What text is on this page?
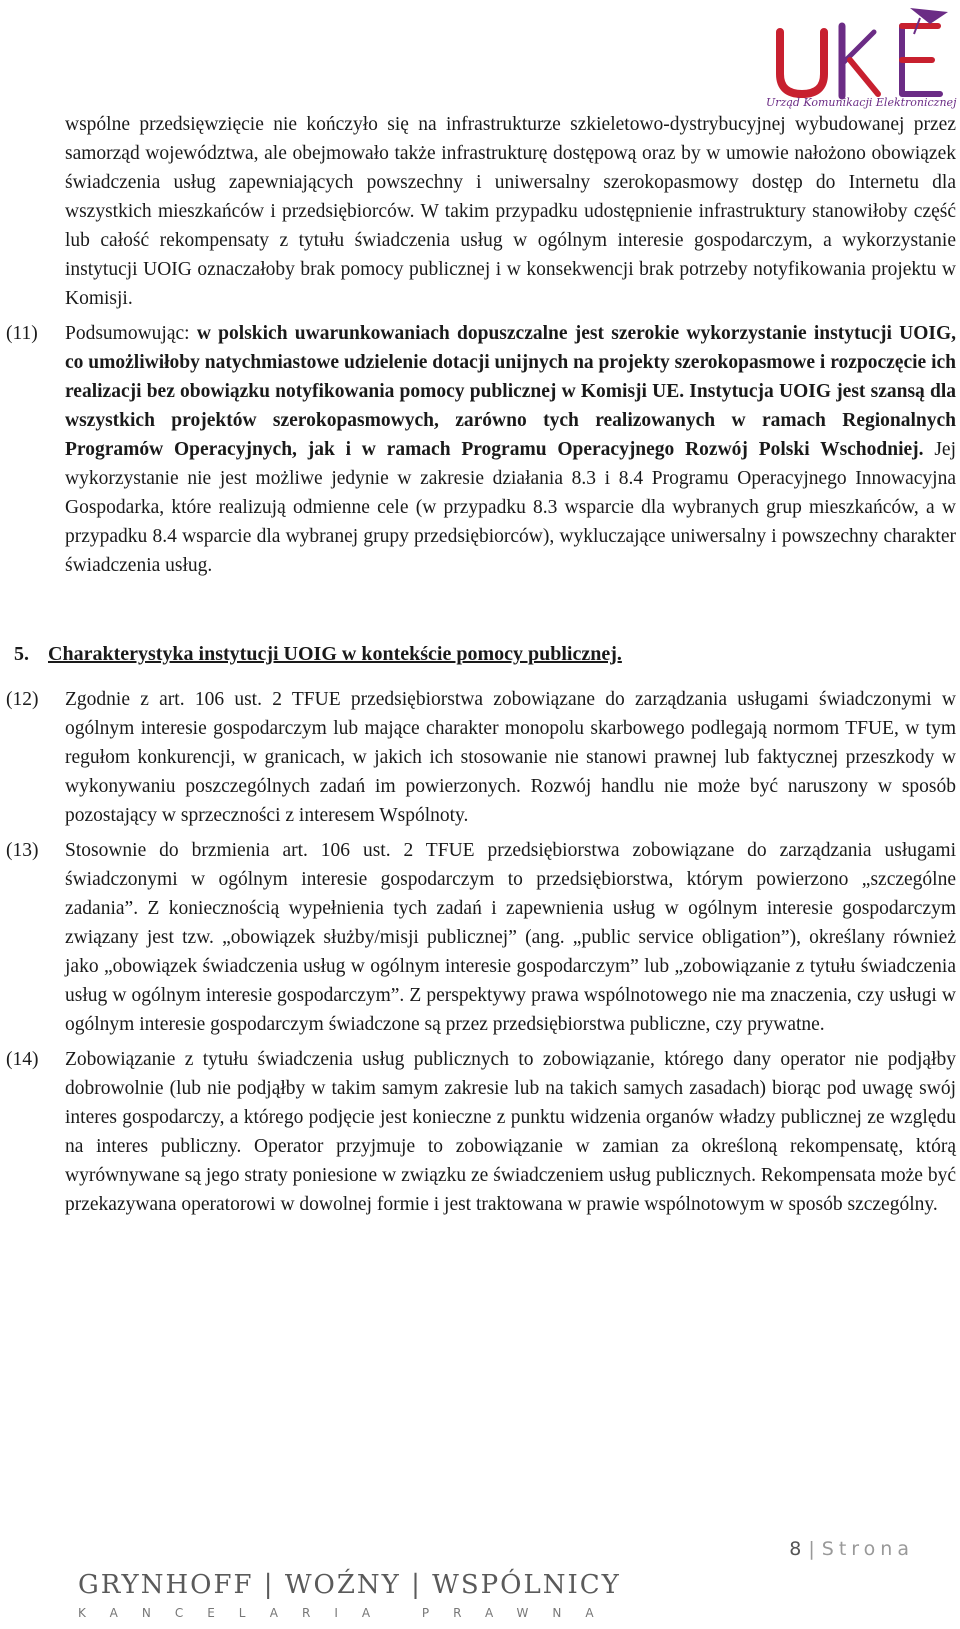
Urząd Komunikacji Elektronicznej

wspólne przedsięwzięcie nie kończyło się na infrastrukturze szkieletowo-dystrybucyjnej wybudowanej przez samorząd województwa, ale obejmowało także infrastrukturę dostępową oraz by w umowie nałożono obowiązek świadczenia usług zapewniających powszechny i uniwersalny szerokopasmowy dostęp do Internetu dla wszystkich mieszkańców i przedsiębiorców. W takim przypadku udostępnienie infrastruktury stanowiłoby część lub całość rekompensaty z tytułu świadczenia usług w ogólnym interesie gospodarczym, a wykorzystanie instytucji UOIG oznaczałoby brak pomocy publicznej i w konsekwencji brak potrzeby notyfikowania projektu w Komisji.

(11)	Podsumowując: w polskich uwarunkowaniach dopuszczalne jest szerokie wykorzystanie instytucji UOIG, co umożliwiłoby natychmiastowe udzielenie dotacji unijnych na projekty szerokopasmowe i rozpoczęcie ich realizacji bez obowiązku notyfikowania pomocy publicznej w Komisji UE. Instytucja UOIG jest szansą dla wszystkich projektów szerokopasmowych, zarówno tych realizowanych w ramach Regionalnych Programów Operacyjnych, jak i w ramach Programu Operacyjnego Rozwój Polski Wschodniej. Jej wykorzystanie nie jest możliwe jedynie w zakresie działania 8.3 i 8.4 Programu Operacyjnego Innowacyjna Gospodarka, które realizują odmienne cele (w przypadku 8.3 wsparcie dla wybranych grup mieszkańców, a w przypadku 8.4 wsparcie dla wybranej grupy przedsiębiorców), wykluczające uniwersalny i powszechny charakter świadczenia usług.

5. Charakterystyka instytucji UOIG w kontekście pomocy publicznej.
(12)	Zgodnie z art. 106 ust. 2 TFUE przedsiębiorstwa zobowiązane do zarządzania usługami świadczonymi w ogólnym interesie gospodarczym lub mające charakter monopolu skarbowego podlegają normom TFUE, w tym regułom konkurencji, w granicach, w jakich ich stosowanie nie stanowi prawnej lub faktycznej przeszkody w wykonywaniu poszczególnych zadań im powierzonych. Rozwój handlu nie może być naruszony w sposób pozostający w sprzeczności z interesem Wspólnoty.

(13)	Stosownie do brzmienia art. 106 ust. 2 TFUE przedsiębiorstwa zobowiązane do zarządzania usługami świadczonymi w ogólnym interesie gospodarczym to przedsiębiorstwa, którym powierzono „szczególne zadania”. Z koniecznością wypełnienia tych zadań i zapewnienia usług w ogólnym interesie gospodarczym związany jest tzw. „obowiązek służby/misji publicznej” (ang. „public service obligation”), określany również jako „obowiązek świadczenia usług w ogólnym interesie gospodarczym” lub „zobowiązanie z tytułu świadczenia usług w ogólnym interesie gospodarczym”. Z perspektywy prawa wspólnotowego nie ma znaczenia, czy usługi w ogólnym interesie gospodarczym świadczone są przez przedsiębiorstwa publiczne, czy prywatne.

(14)	Zobowiązanie z tytułu świadczenia usług publicznych to zobowiązanie, którego dany operator nie podjąłby dobrowolnie (lub nie podjąłby w takim samym zakresie lub na takich samych zasadach) biorąc pod uwagę swój interes gospodarczy, a którego podjęcie jest konieczne z punktu widzenia organów władzy publicznej ze względu na interes publiczny. Operator przyjmuje to zobowiązanie w zamian za określoną rekompensatę, którą wyrównywane są jego straty poniesione w związku ze świadczeniem usług publicznych. Rekompensata może być przekazywana operatorowi w dowolnej formie i jest traktowana w prawie wspólnotowym w sposób szczególny.

8 | Strona
GRYNHOFF | WOŹNY | WSPÓLNICY
KANCELARIA PRAWNA
